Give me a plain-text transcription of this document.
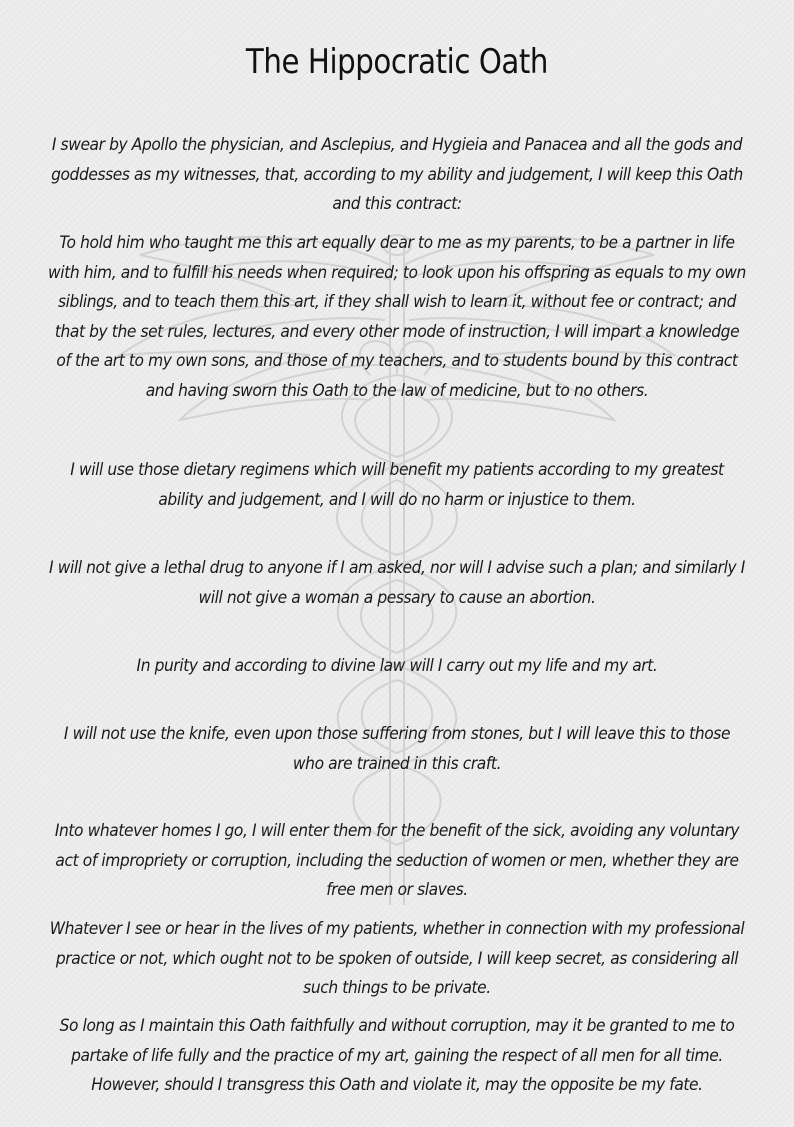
The Hippocratic Oath

I swear by Apollo the physician, and Asclepius, and Hygieia and Panacea and all the gods and goddesses as my witnesses, that, according to my ability and judgement, I will keep this Oath and this contract:

To hold him who taught me this art equally dear to me as my parents, to be a partner in life with him, and to fulfill his needs when required; to look upon his offspring as equals to my own siblings, and to teach them this art, if they shall wish to learn it, without fee or contract; and that by the set rules, lectures, and every other mode of instruction, I will impart a knowledge of the art to my own sons, and those of my teachers, and to students bound by this contract and having sworn this Oath to the law of medicine, but to no others.

I will use those dietary regimens which will benefit my patients according to my greatest ability and judgement, and I will do no harm or injustice to them.

I will not give a lethal drug to anyone if I am asked, nor will I advise such a plan; and similarly I will not give a woman a pessary to cause an abortion.

In purity and according to divine law will I carry out my life and my art.

I will not use the knife, even upon those suffering from stones, but I will leave this to those who are trained in this craft.

Into whatever homes I go, I will enter them for the benefit of the sick, avoiding any voluntary act of impropriety or corruption, including the seduction of women or men, whether they are free men or slaves.

Whatever I see or hear in the lives of my patients, whether in connection with my professional practice or not, which ought not to be spoken of outside, I will keep secret, as considering all such things to be private.

So long as I maintain this Oath faithfully and without corruption, may it be granted to me to partake of life fully and the practice of my art, gaining the respect of all men for all time. However, should I transgress this Oath and violate it, may the opposite be my fate.
